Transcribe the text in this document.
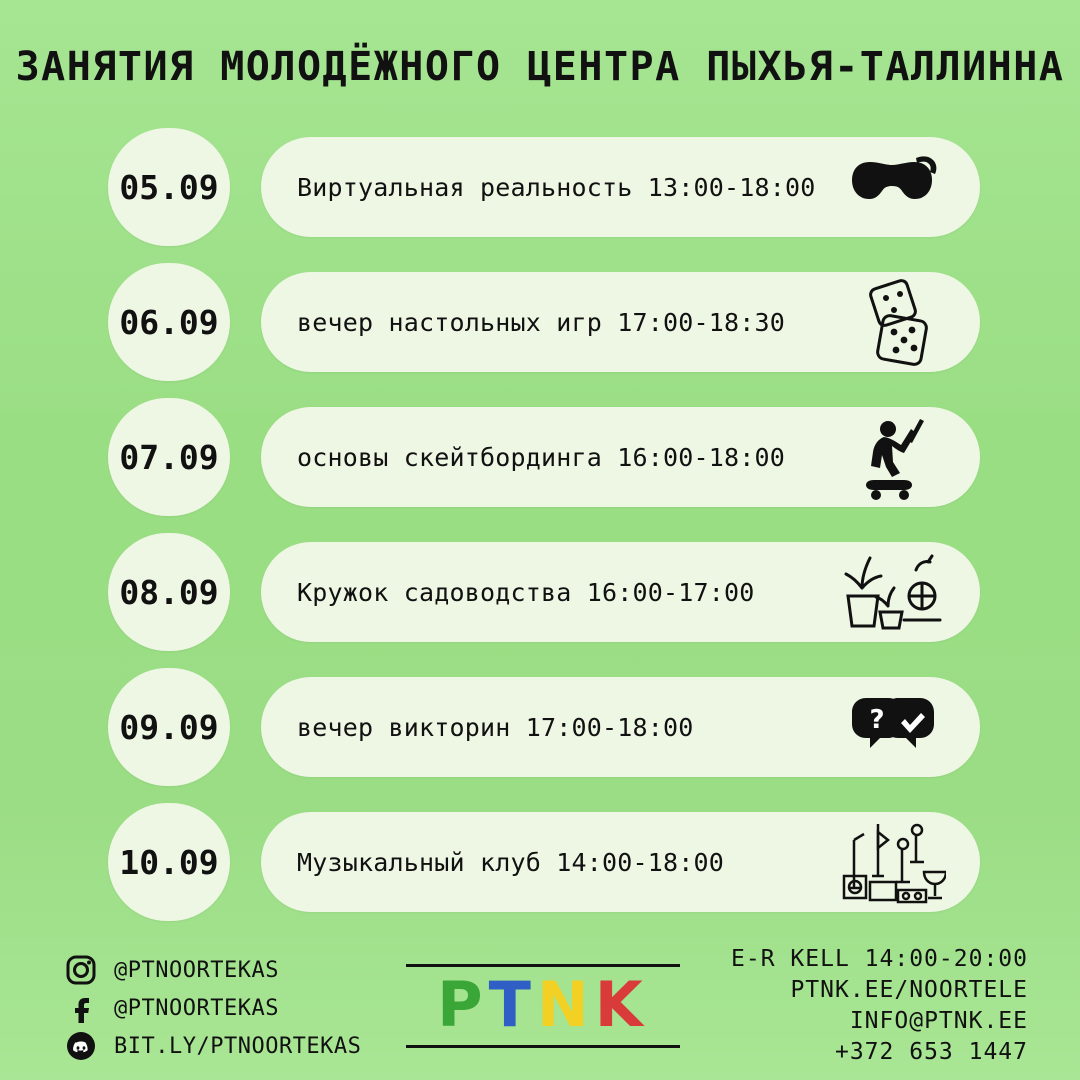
ЗАНЯТИЯ МОЛОДЁЖНОГО ЦЕНТРА ПЫХЬЯ-ТАЛЛИННА
05.09	Виртуальная реальность 13:00-18:00
06.09	вечер настольных игр 17:00-18:30
07.09	основы скейтбординга 16:00-18:00
08.09	Кружок садоводства 16:00-17:00
09.09	вечер викторин 17:00-18:00	?
10.09	Музыкальный клуб 14:00-18:00
@PTNOORTEKAS
@PTNOORTEKAS
BIT.LY/PTNOORTEKAS
P T N K
E-R KELL 14:00-20:00
PTNK.EE/NOORTELE
INFO@PTNK.EE
+372 653 1447
